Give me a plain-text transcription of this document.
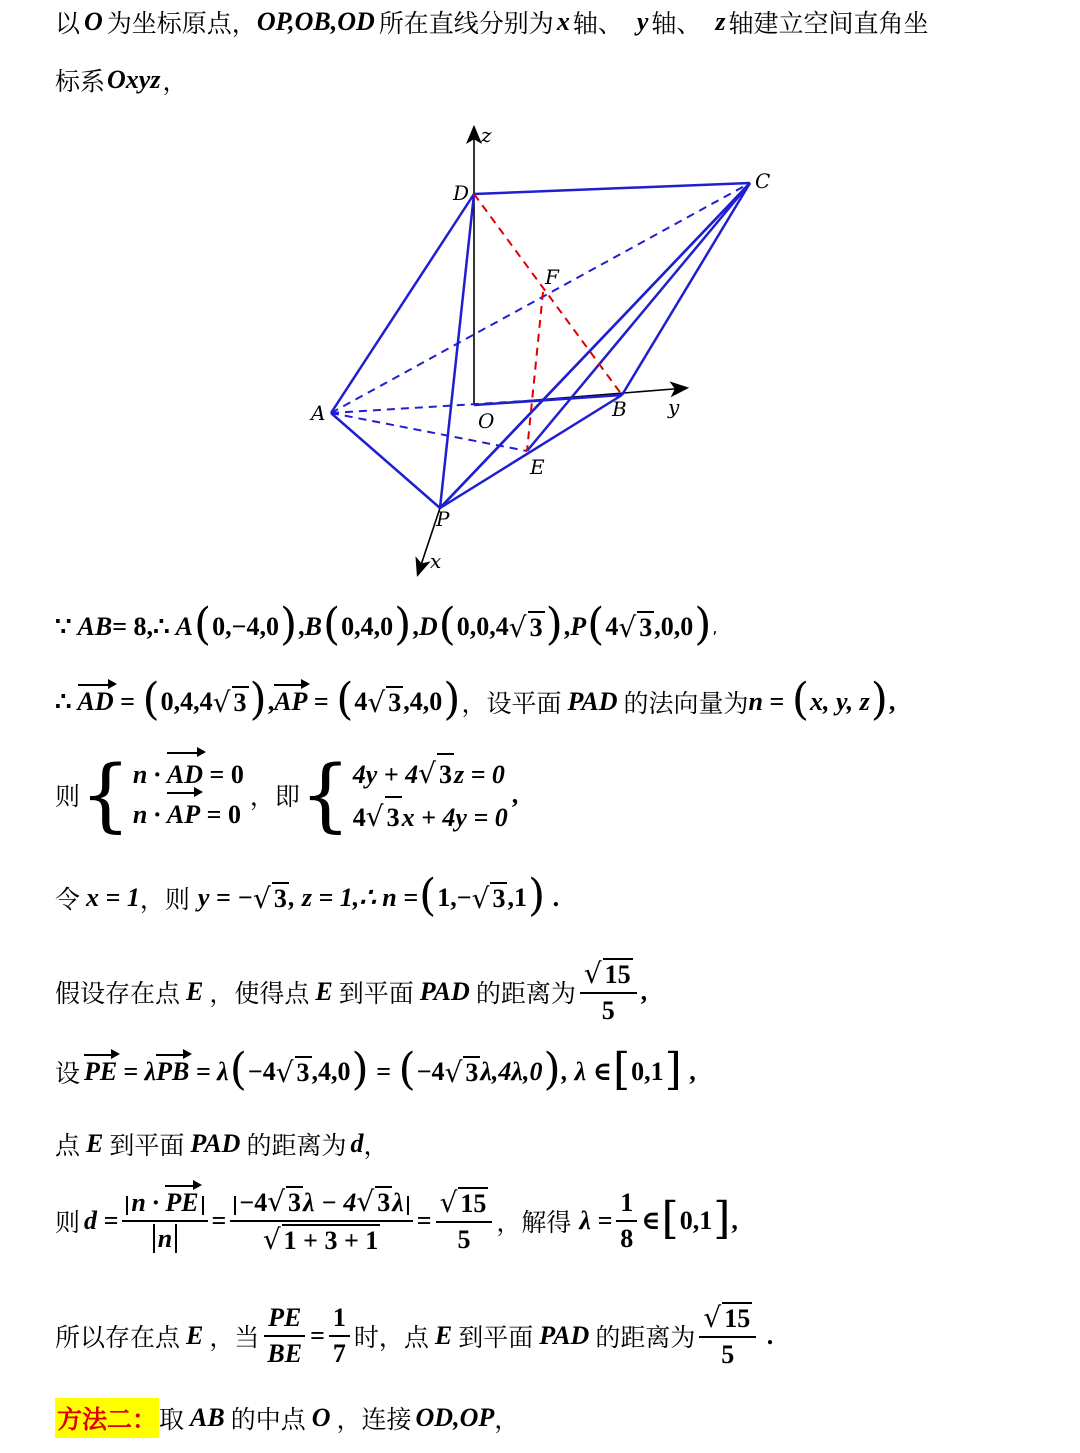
以 O 为坐标原点， OP,OB,OD 所在直线分别为 x 轴、 y 轴、 z 轴建立空间直角坐
标系 Oxyz ，
z
y
x
O
A	B
C
D
E
F
P
∵ AB = 8, ∴ A ( 0,−4,0 ) , B ( 0,4,0 ) , D ( 0,0,4 √ 3 ) , P ( 4 √ 3 ,0,0 ) ,
∴ AD = ( 0,4,4 √ 3 ) , AP = ( 4 √ 3 ,4,0 ) ，设平面 PAD 的法向量为 n = ( x, y, z ) ,
则 { n · AD = 0
n · AP = 0
，即 { 4y + 4√ 3z = 0
4√ 3x + 4y = 0
,
令 x = 1 ，则 y = − √ 3 , z = 1,∴ n = ( 1,− √ 3 ,1 ) .
假设存在点 E ，使得点 E 到平面 PAD 的距离为 $\frac{√ 15}{5}$ ,
设 PE = λ PB = λ ( −4 √ 3 ,4,0 ) = ( −4 √ 3 λ,4λ,0 ) , λ ∈ [ 0,1 ] ,
点 E 到平面 PAD 的距离为 d ，
则 $d = \frac{n \cdot PE}{n} = \frac{-4√ 3\lambda - 4√ 3\lambda}{√ 1 + 3 + 1} = \frac{√ 15}{5}$ ，解得 $\lambda = \frac{1}{8}$ ∈ [ 0,1 ] ,
所以存在点 E ，当 $\frac{PE}{BE} = \frac{1}{7}$ 时，点 E 到平面 PAD 的距离为 $\frac{√ 15}{5}$ .
方法二： 取 AB 的中点 O ，连接 OD,OP ，
